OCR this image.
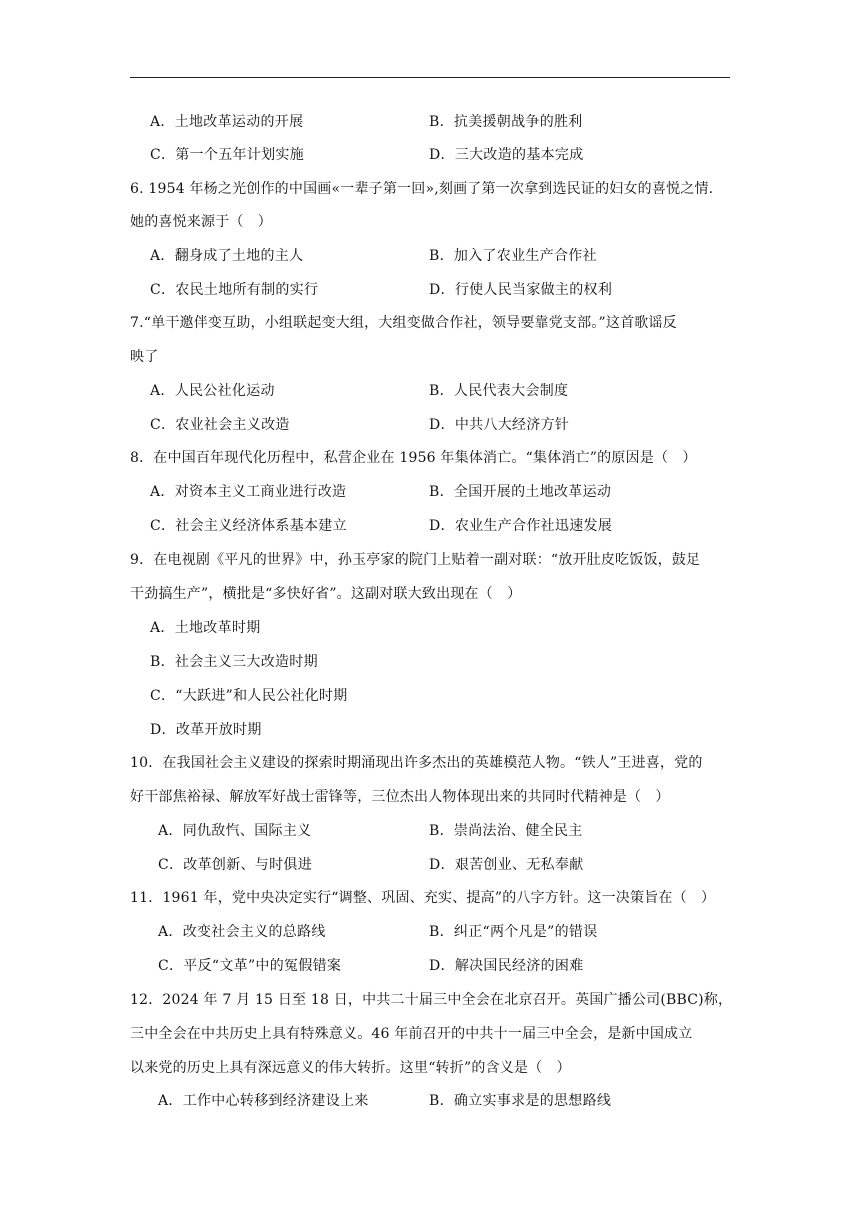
A．土地改革运动的开展	B．抗美援朝战争的胜利
C．第一个五年计划实施	D．三大改造的基本完成
6. 1954 年杨之光创作的中国画«一辈子第一回»,刻画了第一次拿到选民证的妇女的喜悦之情.
她的喜悦来源于（　）
A．翻身成了土地的主人	B．加入了农业生产合作社
C．农民土地所有制的实行	D．行使人民当家做主的权利
7.“单干邀伴变互助，小组联起变大组，大组变做合作社，领导要靠党支部。”这首歌谣反
映了
A．人民公社化运动	B．人民代表大会制度
C．农业社会主义改造	D．中共八大经济方针
8．在中国百年现代化历程中，私营企业在 1956 年集体消亡。“集体消亡”的原因是（　）
A．对资本主义工商业进行改造	B．全国开展的土地改革运动
C．社会主义经济体系基本建立	D．农业生产合作社迅速发展
9．在电视剧《平凡的世界》中，孙玉亭家的院门上贴着一副对联：“放开肚皮吃饭饭，鼓足
干劲搞生产”，横批是“多快好省”。这副对联大致出现在（　）
A．土地改革时期
B．社会主义三大改造时期
C．“大跃进”和人民公社化时期
D．改革开放时期
10．在我国社会主义建设的探索时期涌现出许多杰出的英雄模范人物。“铁人”王进喜，党的
好干部焦裕禄、解放军好战士雷锋等，三位杰出人物体现出来的共同时代精神是（　）
A．同仇敌忾、国际主义	B．崇尚法治、健全民主
C．改革创新、与时俱进	D．艰苦创业、无私奉献
11．1961 年，党中央决定实行“调整、巩固、充实、提高”的八字方针。这一决策旨在（　）
A．改变社会主义的总路线	B．纠正“两个凡是”的错误
C．平反“文革”中的冤假错案	D．解决国民经济的困难
12．2024 年 7 月 15 日至 18 日，中共二十届三中全会在北京召开。英国广播公司(BBC)称，
三中全会在中共历史上具有特殊意义。46 年前召开的中共十一届三中全会，是新中国成立
以来党的历史上具有深远意义的伟大转折。这里“转折”的含义是（　）
A．工作中心转移到经济建设上来	B．确立实事求是的思想路线
